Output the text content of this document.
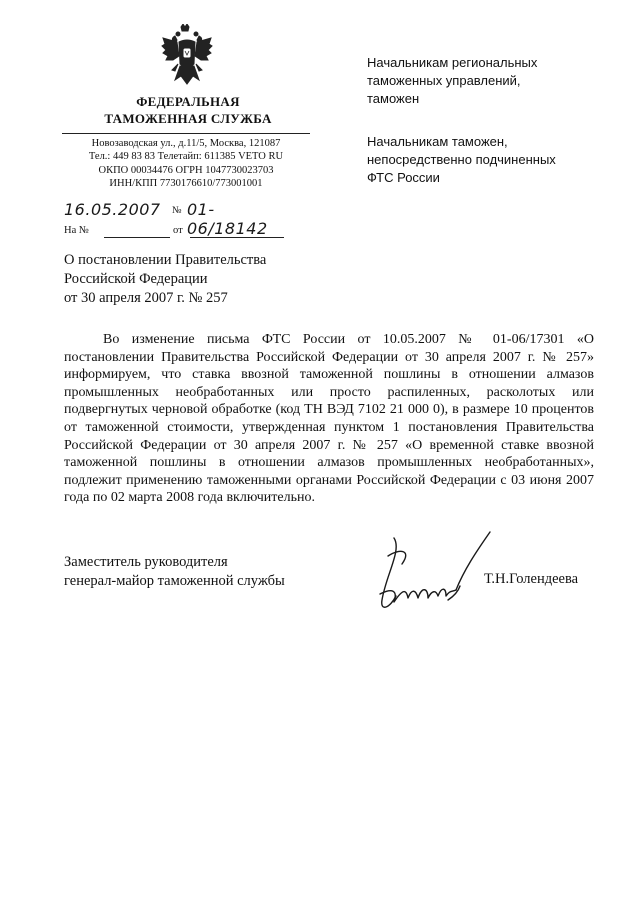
ФЕДЕРАЛЬНАЯ
ТАМОЖЕННАЯ СЛУЖБА
Новозаводская ул., д.11/5, Москва, 121087
Тел.: 449 83 83 Телетайп: 611385 VETO RU
ОКПО 00034476 ОГРН 1047730023703
ИНН/КПП 7730176610/773001001
16.05.2007 № 01-06/18142
На №	от
Начальникам региональных
таможенных управлений,
таможен
Начальникам таможен,
непосредственно подчиненных
ФТС России
О постановлении Правительства
Российской Федерации
от 30 апреля 2007 г. № 257
Во изменение письма ФТС России от 10.05.2007 № 01-06/17301 «О постановлении Правительства Российской Федерации от 30 апреля 2007 г. № 257» информируем, что ставка ввозной таможенной пошлины в отношении алмазов промышленных необработанных или просто распиленных, расколотых или подвергнутых черновой обработке (код ТН ВЭД 7102 21 000 0), в размере 10 процентов от таможенной стоимости, утвержденная пунктом 1 постановления Правительства Российской Федерации от 30 апреля 2007 г. № 257 «О временной ставке ввозной таможенной пошлины в отношении алмазов промышленных необработанных», подлежит применению таможенными органами Российской Федерации с 03 июня 2007 года по 02 марта 2008 года включительно.
Заместитель руководителя
генерал-майор таможенной службы	Т.Н.Голендеева
